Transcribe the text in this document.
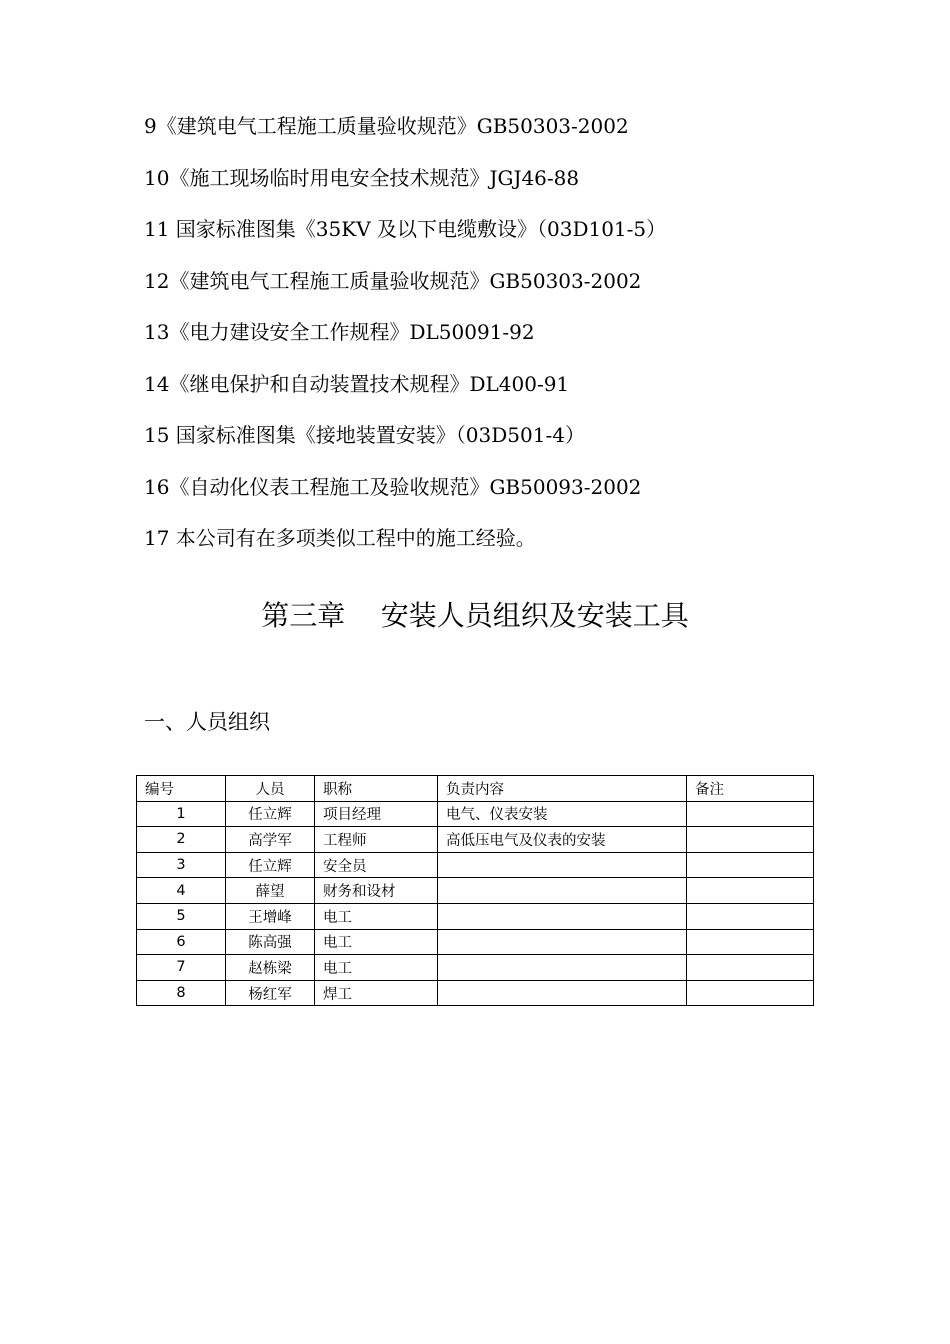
9《建筑电气工程施工质量验收规范》GB50303-2002
10《施工现场临时用电安全技术规范》JGJ46-88
11 国家标准图集《35KV 及以下电缆敷设》（03D101-5）
12《建筑电气工程施工质量验收规范》GB50303-2002
13《电力建设安全工作规程》DL50091-92
14《继电保护和自动装置技术规程》DL400-91
15 国家标准图集《接地装置安装》（03D501-4）
16《自动化仪表工程施工及验收规范》GB50093-2002
17 本公司有在多项类似工程中的施工经验。
第三章    安装人员组织及安装工具
一、人员组织
编号	人员	职称	负责内容	备注
1	任立辉	项目经理	电气、仪表安装	
2	高学军	工程师	高低压电气及仪表的安装	
3	任立辉	安全员		
4	薛望	财务和设材		
5	王增峰	电工		
6	陈高强	电工		
7	赵栋梁	电工		
8	杨红军	焊工		
